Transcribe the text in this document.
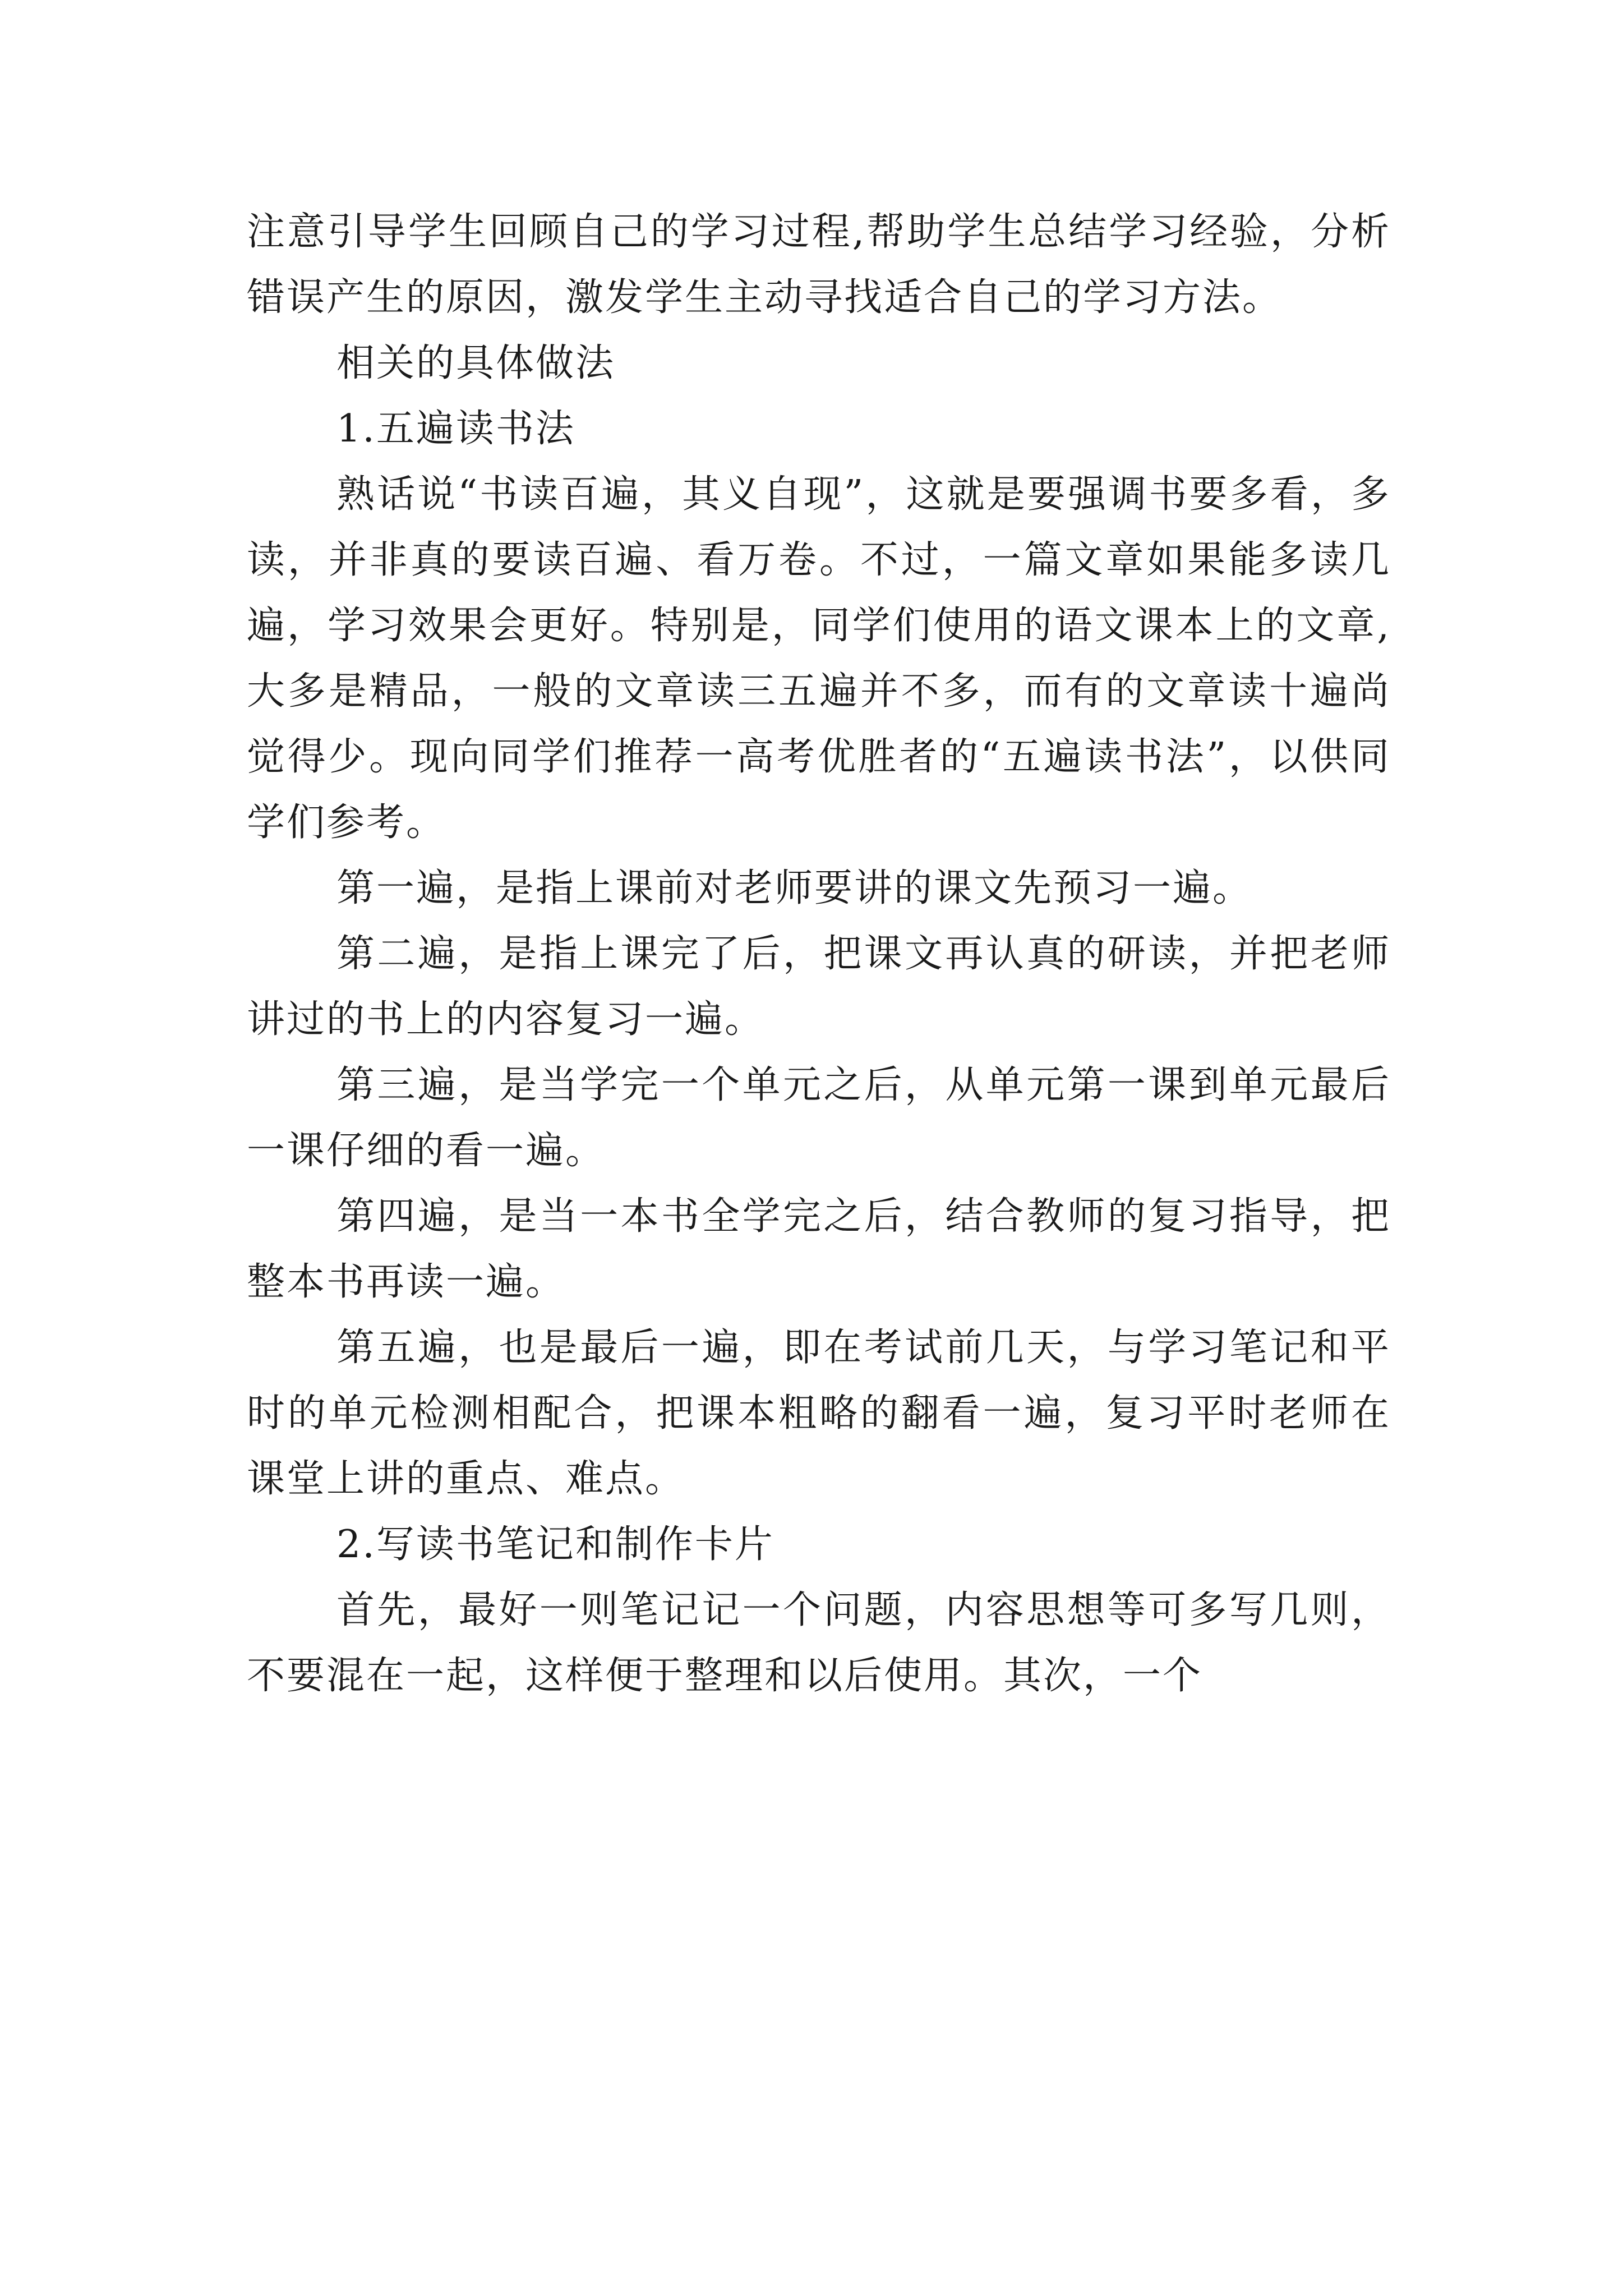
注意引导学生回顾自己的学习过程,帮助学生总结学习经验，分析错误产生的原因，激发学生主动寻找适合自己的学习方法。

相关的具体做法

1.五遍读书法

熟话说“书读百遍，其义自现”，这就是要强调书要多看，多读，并非真的要读百遍、看万卷。不过，一篇文章如果能多读几遍，学习效果会更好。特别是，同学们使用的语文课本上的文章,大多是精品，一般的文章读三五遍并不多，而有的文章读十遍尚觉得少。现向同学们推荐一高考优胜者的“五遍读书法”，以供同学们参考。

第一遍，是指上课前对老师要讲的课文先预习一遍。

第二遍，是指上课完了后，把课文再认真的研读，并把老师讲过的书上的内容复习一遍。

第三遍，是当学完一个单元之后，从单元第一课到单元最后一课仔细的看一遍。

第四遍，是当一本书全学完之后，结合教师的复习指导，把整本书再读一遍。

第五遍，也是最后一遍，即在考试前几天，与学习笔记和平时的单元检测相配合，把课本粗略的翻看一遍，复习平时老师在课堂上讲的重点、难点。

2.写读书笔记和制作卡片

首先，最好一则笔记记一个问题，内容思想等可多写几则，不要混在一起，这样便于整理和以后使用。其次，一个
